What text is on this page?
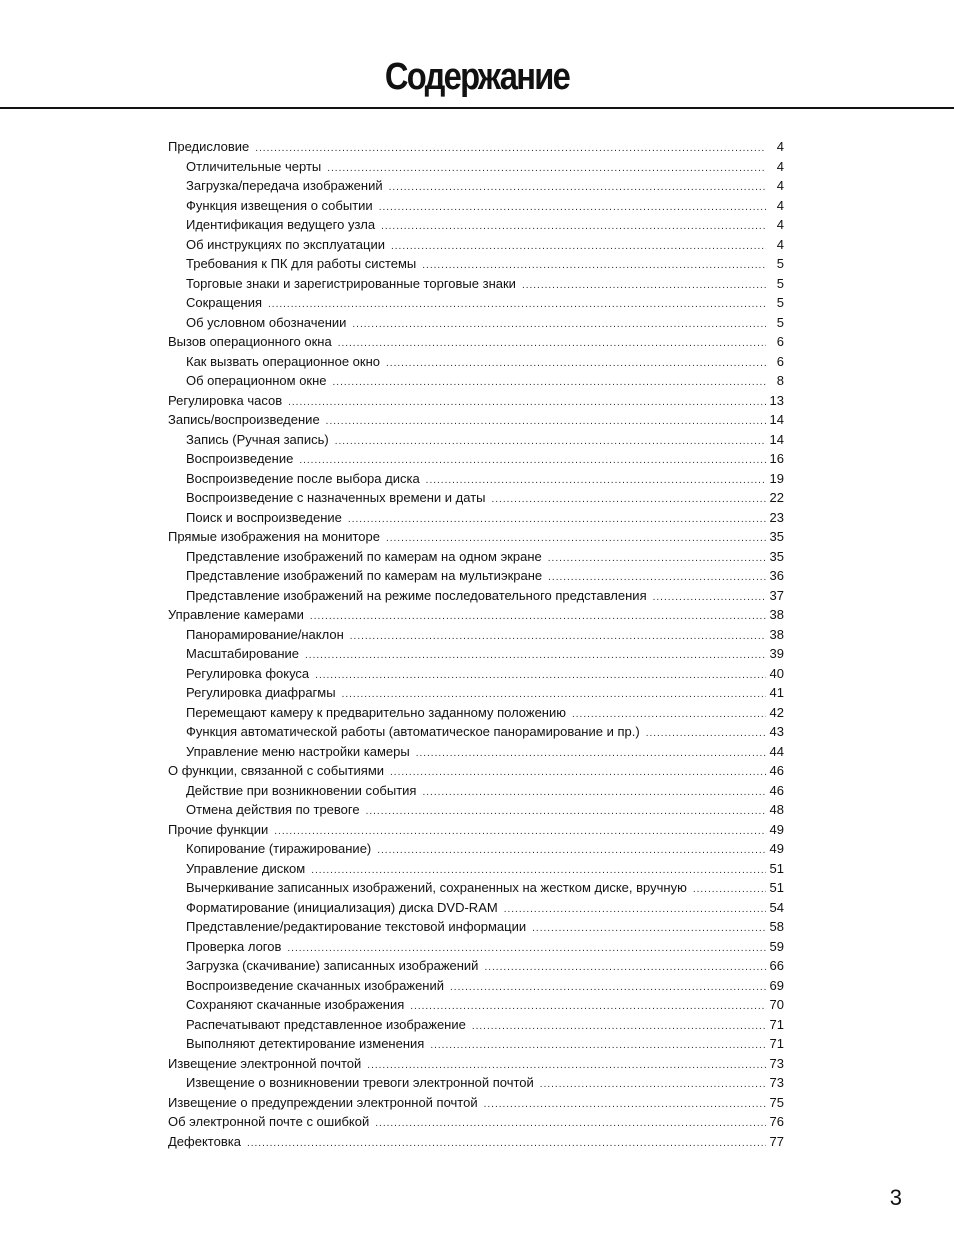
Содержание
Предисловие .....	4
Отличительные черты .....	4
Загрузка/передача изображений .....	4
Функция извещения о событии .....	4
Идентификация ведущего узла .....	4
Об инструкциях по эксплуатации .....	4
Требования к ПК для работы системы .....	5
Торговые знаки и зарегистрированные торговые знаки .....	5
Сокращения .....	5
Об условном обозначении .....	5
Вызов операционного окна .....	6
Как вызвать операционное окно .....	6
Об операционном окне .....	8
Регулировка часов .....	13
Запись/воспроизведение .....	14
Запись (Ручная запись) .....	14
Воспроизведение .....	16
Воспроизведение после выбора диска .....	19
Воспроизведение с назначенных времени и даты .....	22
Поиск и воспроизведение .....	23
Прямые изображения на мониторе .....	35
Представление изображений по камерам на одном экране .....	35
Представление изображений по камерам на мультиэкране .....	36
Представление изображений на режиме последовательного представления .....	37
Управление камерами .....	38
Панорамирование/наклон .....	38
Масштабирование .....	39
Регулировка фокуса .....	40
Регулировка диафрагмы .....	41
Перемещают камеру к предварительно заданному положению .....	42
Функция автоматической работы (автоматическое панорамирование и пр.) .....	43
Управление меню настройки камеры .....	44
О функции, связанной с событиями .....	46
Действие при возникновении события .....	46
Отмена действия по тревоге .....	48
Прочие функции .....	49
Копирование (тиражирование) .....	49
Управление диском .....	51
Вычеркивание записанных изображений, сохраненных на жестком диске, вручную .....	51
Форматирование (инициализация) диска DVD-RAM .....	54
Представление/редактирование текстовой информации .....	58
Проверка логов .....	59
Загрузка (скачивание) записанных изображений .....	66
Воспроизведение скачанных изображений .....	69
Сохраняют скачанные изображения .....	70
Распечатывают представленное изображение .....	71
Выполняют детектирование изменения .....	71
Извещение электронной почтой .....	73
Извещение о возникновении тревоги электронной почтой .....	73
Извещение о предупреждении электронной почтой .....	75
Об электронной почте с ошибкой .....	76
Дефектовка .....	77
3
